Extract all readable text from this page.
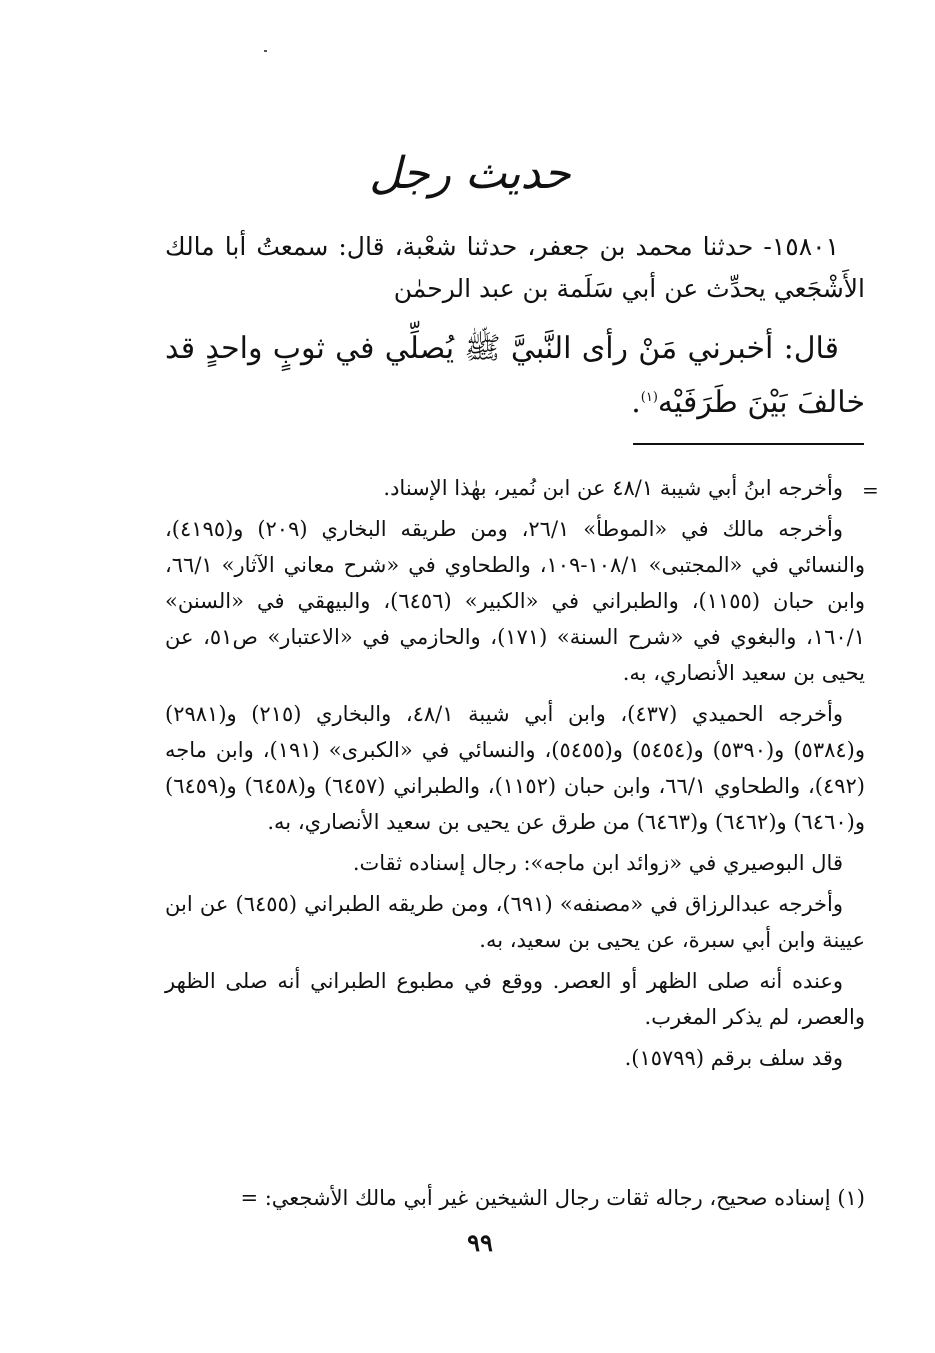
حديث رجل

١٥٨٠١- حدثنا محمد بن جعفر، حدثنا شعْبة، قال: سمعتُ أبا مالك الأَشْجَعي يحدِّث عن أبي سَلَمة بن عبد الرحمٰن

قال: أخبرني مَنْ رأى النَّبيَّ ﷺ يُصلِّي في ثوبٍ واحدٍ قد خالفَ بَيْنَ طَرَفَيْه$^{(١)}$.

=

وأخرجه ابنُ أبي شيبة ٤٨/١ عن ابن نُمير، بهٰذا الإسناد.

وأخرجه مالك في «الموطأ» ٢٦/١، ومن طريقه البخاري (٢٠٩) و(٤١٩٥)، والنسائي في «المجتبى» ١٠٨/١-١٠٩، والطحاوي في «شرح معاني الآثار» ٦٦/١، وابن حبان (١١٥٥)، والطبراني في «الكبير» (٦٤٥٦)، والبيهقي في «السنن» ١٦٠/١، والبغوي في «شرح السنة» (١٧١)، والحازمي في «الاعتبار» ص٥١، عن يحيى بن سعيد الأنصاري، به.

وأخرجه الحميدي (٤٣٧)، وابن أبي شيبة ٤٨/١، والبخاري (٢١٥) و(٢٩٨١) و(٥٣٨٤) و(٥٣٩٠) و(٥٤٥٤) و(٥٤٥٥)، والنسائي في «الكبرى» (١٩١)، وابن ماجه (٤٩٢)، والطحاوي ٦٦/١، وابن حبان (١١٥٢)، والطبراني (٦٤٥٧) و(٦٤٥٨) و(٦٤٥٩) و(٦٤٦٠) و(٦٤٦٢) و(٦٤٦٣) من طرق عن يحيى بن سعيد الأنصاري، به.

قال البوصيري في «زوائد ابن ماجه»: رجال إسناده ثقات.

وأخرجه عبدالرزاق في «مصنفه» (٦٩١)، ومن طريقه الطبراني (٦٤٥٥) عن ابن عيينة وابن أبي سبرة، عن يحيى بن سعيد، به.

وعنده أنه صلى الظهر أو العصر. ووقع في مطبوع الطبراني أنه صلى الظهر والعصر، لم يذكر المغرب.

وقد سلف برقم (١٥٧٩٩).

(١) إسناده صحيح، رجاله ثقات رجال الشيخين غير أبي مالك الأشجعي: =
٩٩
